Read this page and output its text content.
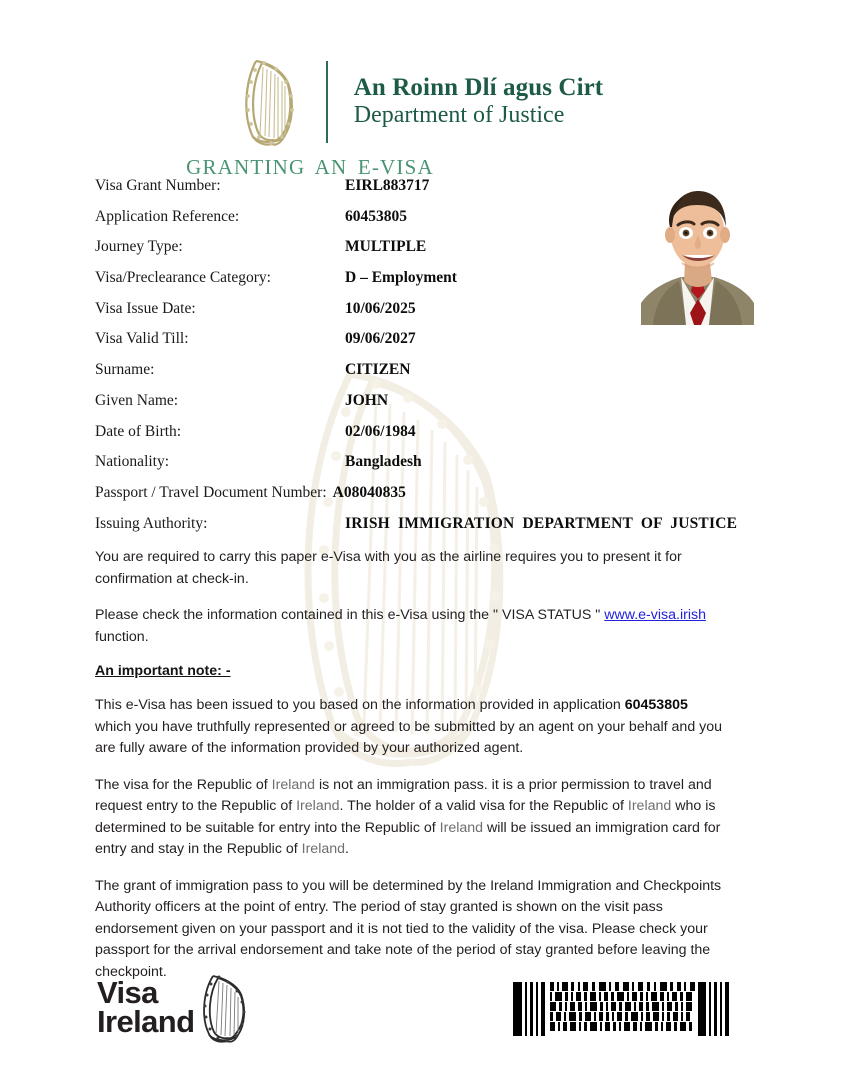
An Roinn Dlí agus Cirt
Department of Justice
GRANTING AN E-VISA
Visa Grant Number:	EIRL883717
Application Reference:	60453805
Journey Type:	MULTIPLE
Visa/Preclearance Category:	D – Employment
Visa Issue Date:	10/06/2025
Visa Valid Till:	09/06/2027
Surname:	CITIZEN
Given Name:	JOHN
Date of Birth:	02/06/1984
Nationality:	Bangladesh
Passport / Travel Document Number: A08040835
Issuing Authority:	IRISH IMMIGRATION DEPARTMENT OF JUSTICE

You are required to carry this paper e-Visa with you as the airline requires you to present it for confirmation at check-in.

Please check the information contained in this e-Visa using the " VISA STATUS " www.e-visa.irish function.

An important note: -

This e-Visa has been issued to you based on the information provided in application 60453805 which you have truthfully represented or agreed to be submitted by an agent on your behalf and you are fully aware of the information provided by your authorized agent.

The visa for the Republic of Ireland is not an immigration pass. it is a prior permission to travel and request entry to the Republic of Ireland. The holder of a valid visa for the Republic of Ireland who is determined to be suitable for entry into the Republic of Ireland will be issued an immigration card for entry and stay in the Republic of Ireland.

The grant of immigration pass to you will be determined by the Ireland Immigration and Checkpoints Authority officers at the point of entry. The period of stay granted is shown on the visit pass endorsement given on your passport and it is not tied to the validity of the visa. Please check your passport for the arrival endorsement and take note of the period of stay granted before leaving the checkpoint.

Visa
Ireland
